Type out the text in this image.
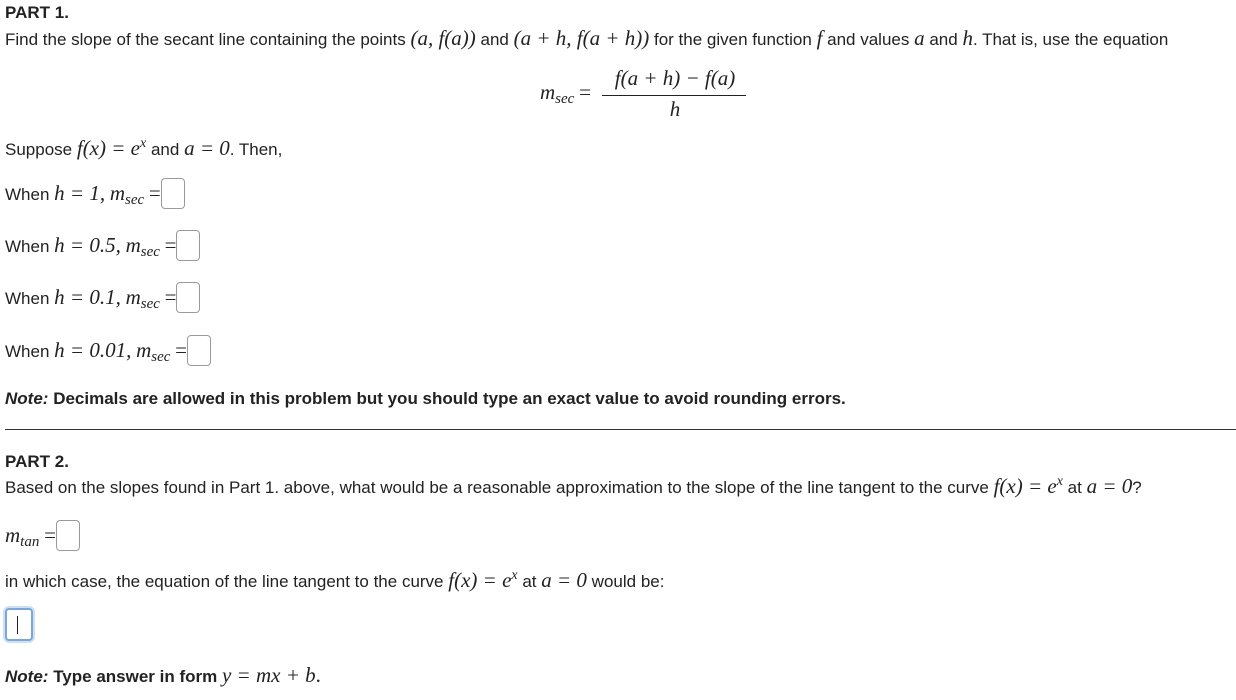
PART 1.
Find the slope of the secant line containing the points (a, f(a)) and (a + h, f(a + h)) for the given function f and values a and h. That is, use the equation
msec =
f(a + h) − f(a)
h
Suppose $f(x) = e^x$ and a = 0. Then,
When h = 1, msec =
When h = 0.5, msec =
When h = 0.1, msec =
When h = 0.01, msec =
Note: Decimals are allowed in this problem but you should type an exact value to avoid rounding errors.
PART 2.
Based on the slopes found in Part 1. above, what would be a reasonable approximation to the slope of the line tangent to the curve $f(x) = e^x$ at a = 0?
mtan =
in which case, the equation of the line tangent to the curve $f(x) = e^x$ at a = 0 would be:
Note: Type answer in form y = mx + b.
